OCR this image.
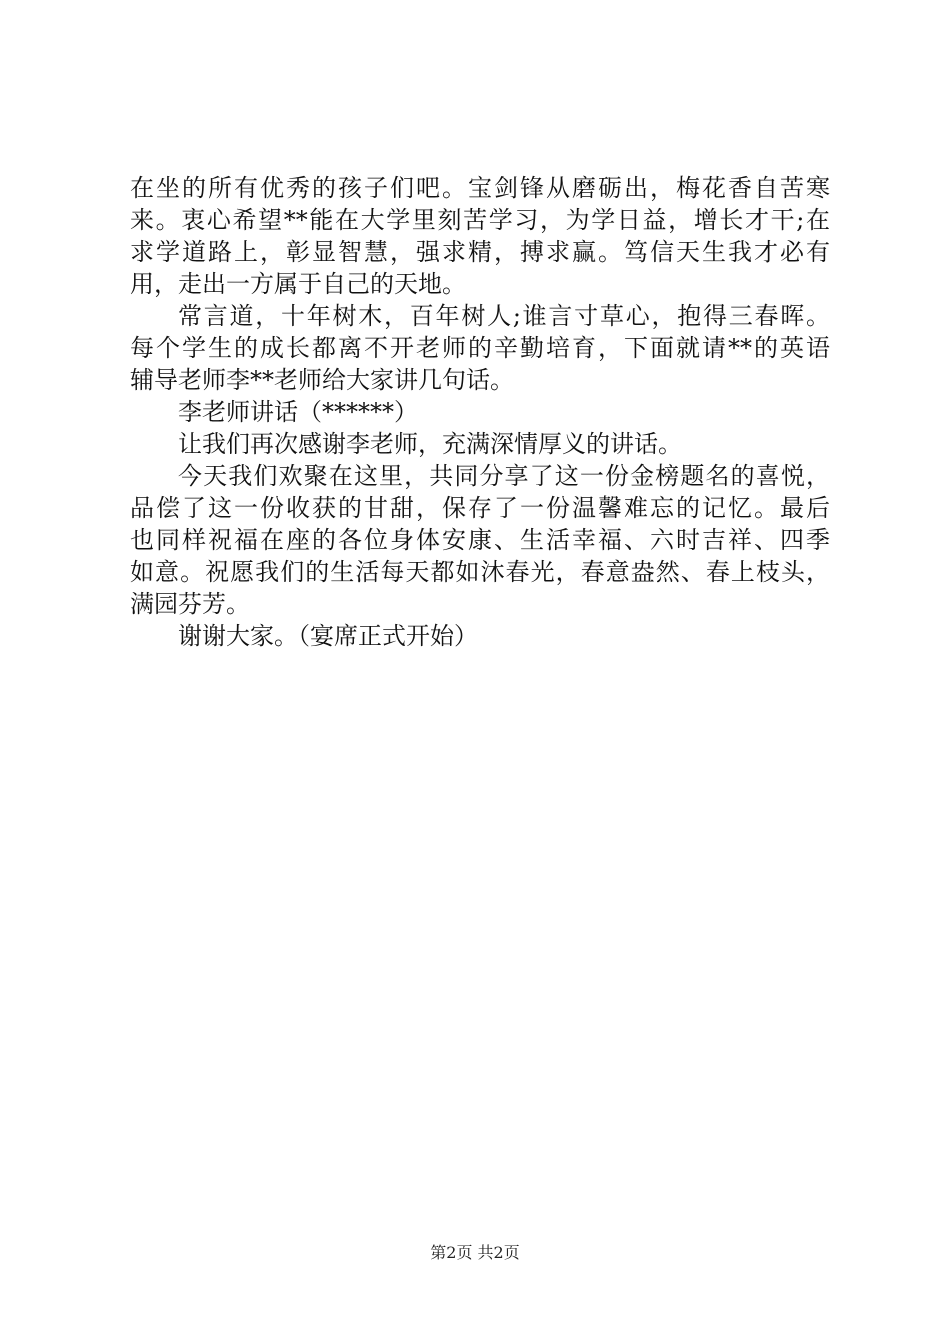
在坐的所有优秀的孩子们吧。宝剑锋从磨砺出，梅花香自苦寒
来。衷心希望**能在大学里刻苦学习，为学日益，增长才干;在
求学道路上，彰显智慧，强求精，搏求赢。笃信天生我才必有
用，走出一方属于自己的天地。
常言道，十年树木，百年树人;谁言寸草心，抱得三春晖。
每个学生的成长都离不开老师的辛勤培育，下面就请**的英语
辅导老师李**老师给大家讲几句话。
李老师讲话（******）
让我们再次感谢李老师，充满深情厚义的讲话。
今天我们欢聚在这里，共同分享了这一份金榜题名的喜悦，
品偿了这一份收获的甘甜，保存了一份温馨难忘的记忆。最后
也同样祝福在座的各位身体安康、生活幸福、六时吉祥、四季
如意。祝愿我们的生活每天都如沐春光，春意盎然、春上枝头，
满园芬芳。
谢谢大家。（宴席正式开始）
第2页 共2页
